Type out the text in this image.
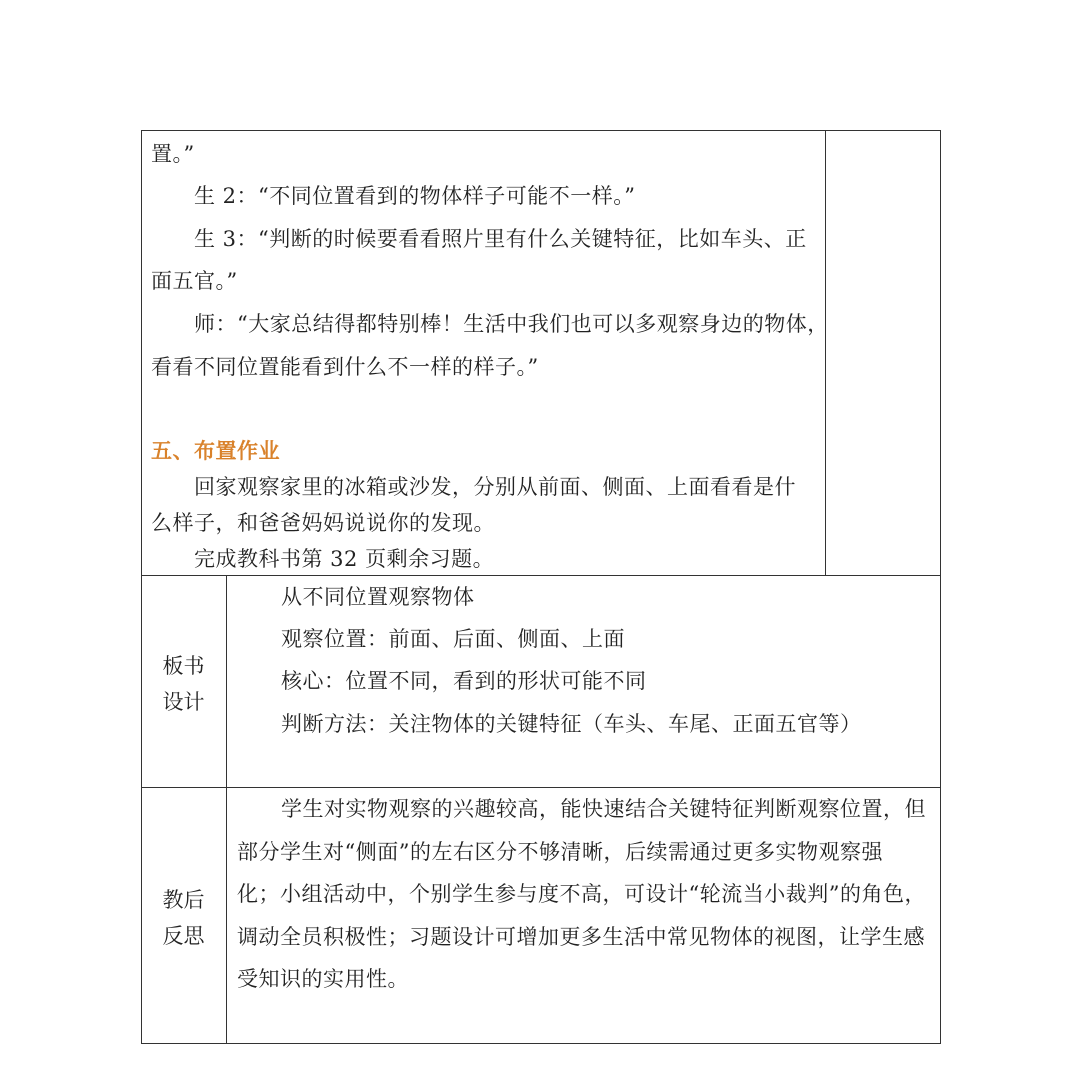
置。”
生 2：“不同位置看到的物体样子可能不一样。”
生 3：“判断的时候要看看照片里有什么关键特征，比如车头、正
面五官。”
师：“大家总结得都特别棒！生活中我们也可以多观察身边的物体，
看看不同位置能看到什么不一样的样子。”
五、布置作业
回家观察家里的冰箱或沙发，分别从前面、侧面、上面看看是什
么样子，和爸爸妈妈说说你的发现。
完成教科书第 32 页剩余习题。
板书
设计
从不同位置观察物体
观察位置：前面、后面、侧面、上面
核心：位置不同，看到的形状可能不同
判断方法：关注物体的关键特征（车头、车尾、正面五官等）
教后
反思
学生对实物观察的兴趣较高，能快速结合关键特征判断观察位置，但
部分学生对“侧面”的左右区分不够清晰，后续需通过更多实物观察强
化；小组活动中，个别学生参与度不高，可设计“轮流当小裁判”的角色，
调动全员积极性；习题设计可增加更多生活中常见物体的视图，让学生感
受知识的实用性。
